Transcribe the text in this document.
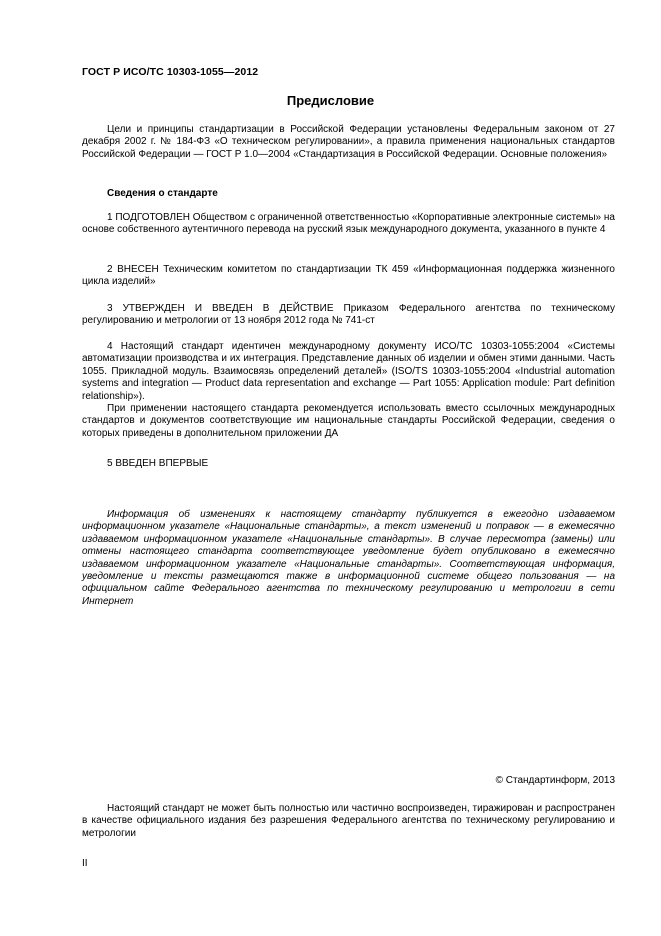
ГОСТ Р ИСО/ТС 10303-1055—2012
Предисловие

Цели и принципы стандартизации в Российской Федерации установлены Федеральным законом от 27 декабря 2002 г. № 184-ФЗ «О техническом регулировании», а правила применения национальных стандартов Российской Федерации — ГОСТ Р 1.0—2004 «Стандартизация в Российской Федерации. Основные положения»

Сведения о стандарте

1 ПОДГОТОВЛЕН Обществом с ограниченной ответственностью «Корпоративные электронные системы» на основе собственного аутентичного перевода на русский язык международного документа, указанного в пункте 4

2 ВНЕСЕН Техническим комитетом по стандартизации ТК 459 «Информационная поддержка жизненного цикла изделий»

3 УТВЕРЖДЕН И ВВЕДЕН В ДЕЙСТВИЕ Приказом Федерального агентства по техническому регулированию и метрологии от 13 ноября 2012 года № 741-ст

4 Настоящий стандарт идентичен международному документу ИСО/ТС 10303-1055:2004 «Системы автоматизации производства и их интеграция. Представление данных об изделии и обмен этими данными. Часть 1055. Прикладной модуль. Взаимосвязь определений деталей» (ISO/TS 10303-1055:2004 «Industrial automation systems and integration — Product data representation and exchange — Part 1055: Application module: Part definition relationship»).

При применении настоящего стандарта рекомендуется использовать вместо ссылочных международных стандартов и документов соответствующие им национальные стандарты Российской Федерации, сведения о которых приведены в дополнительном приложении ДА

5 ВВЕДЕН ВПЕРВЫЕ

Информация об изменениях к настоящему стандарту публикуется в ежегодно издаваемом информационном указателе «Национальные стандарты», а текст изменений и поправок — в ежемесячно издаваемом информационном указателе «Национальные стандарты». В случае пересмотра (замены) или отмены настоящего стандарта соответствующее уведомление будет опубликовано в ежемесячно издаваемом информационном указателе «Национальные стандарты». Соответствующая информация, уведомление и тексты размещаются также в информационной системе общего пользования — на официальном сайте Федерального агентства по техническому регулированию и метрологии в сети Интернет

© Стандартинформ, 2013

Настоящий стандарт не может быть полностью или частично воспроизведен, тиражирован и распространен в качестве официального издания без разрешения Федерального агентства по техническому регулированию и метрологии

II
